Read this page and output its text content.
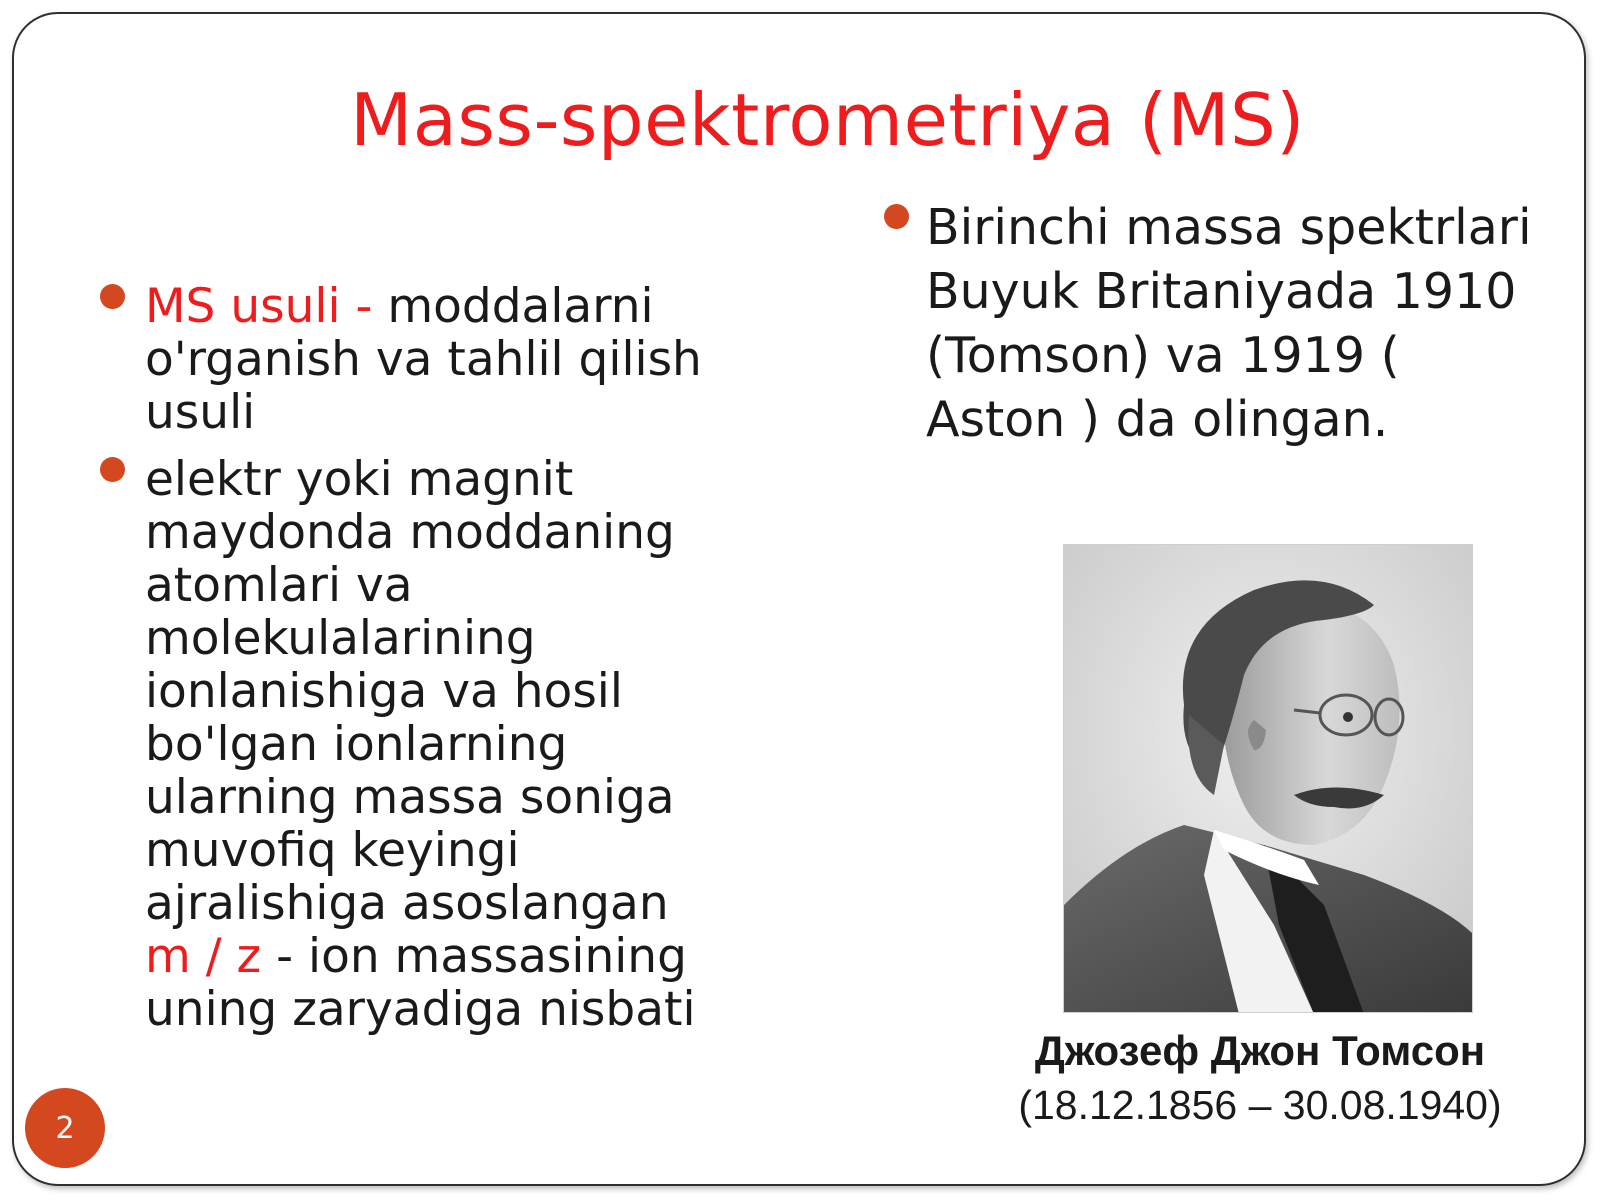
Mass-spektrometriya (MS)
MS usuli - moddalarni o'rganish va tahlil qilish usuli
elektr yoki magnit maydonda moddaning atomlari va molekulalarining ionlanishiga va hosil bo'lgan ionlarning ularning massa soniga muvofiq keyingi ajralishiga asoslangan m / z - ion massasining uning zaryadiga nisbati
Birinchi massa spektrlari Buyuk Britaniyada 1910 (Tomson) va 1919 ( Aston ) da olingan.
Джозеф Джон Томсон
(18.12.1856 – 30.08.1940)
2
